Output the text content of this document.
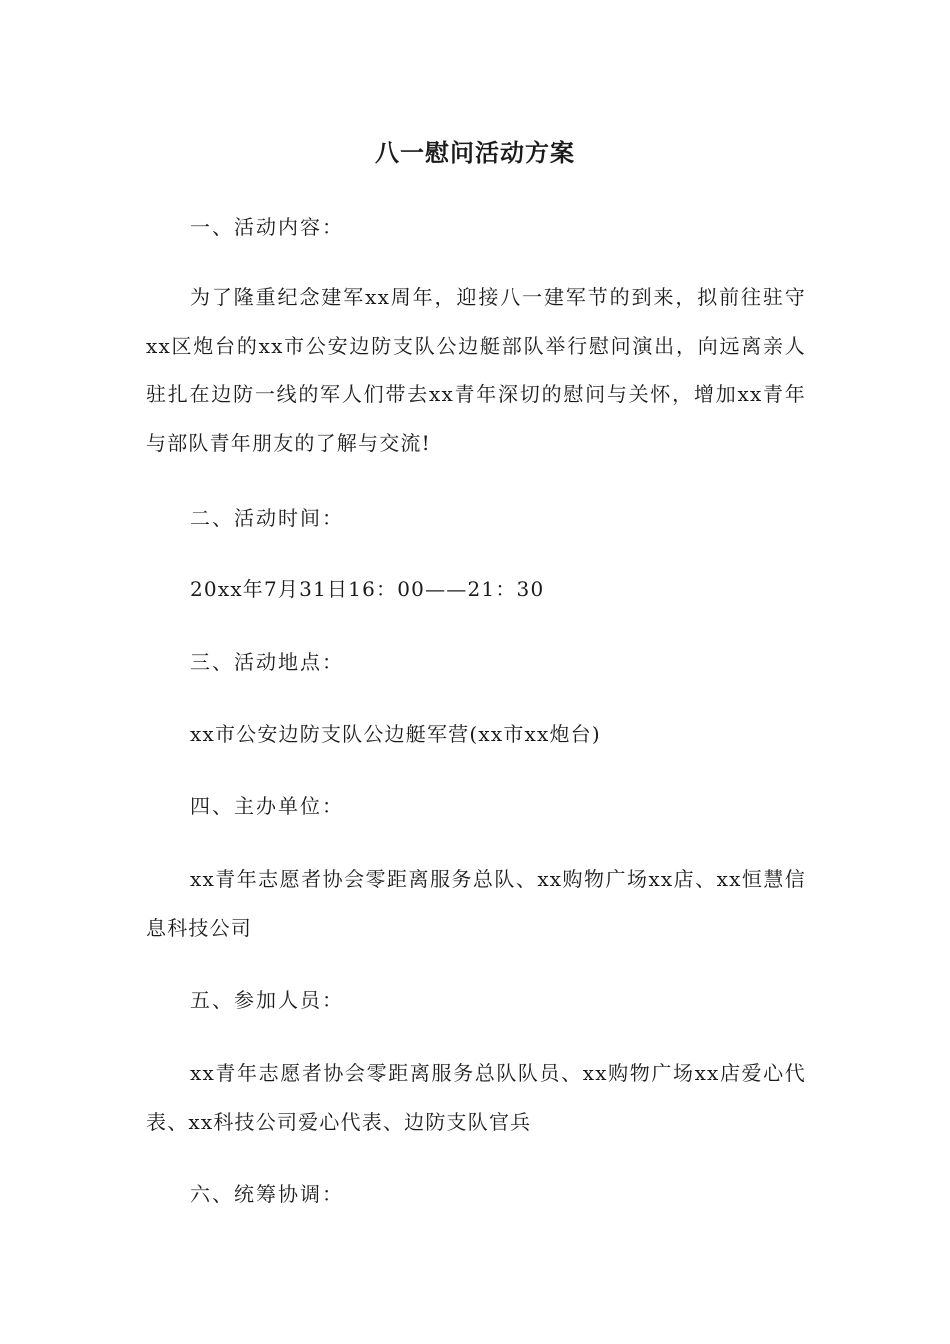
八一慰问活动方案
一、活动内容：
为了隆重纪念建军xx周年，迎接八一建军节的到来，拟前往驻守xx区炮台的xx市公安边防支队公边艇部队举行慰问演出，向远离亲人驻扎在边防一线的军人们带去xx青年深切的慰问与关怀，增加xx青年与部队青年朋友的了解与交流!
二、活动时间：
20xx年7月31日16：00——21：30
三、活动地点：
xx市公安边防支队公边艇军营(xx市xx炮台)
四、主办单位：
xx青年志愿者协会零距离服务总队、xx购物广场xx店、xx恒慧信息科技公司
五、参加人员：
xx青年志愿者协会零距离服务总队队员、xx购物广场xx店爱心代表、xx科技公司爱心代表、边防支队官兵
六、统筹协调：
